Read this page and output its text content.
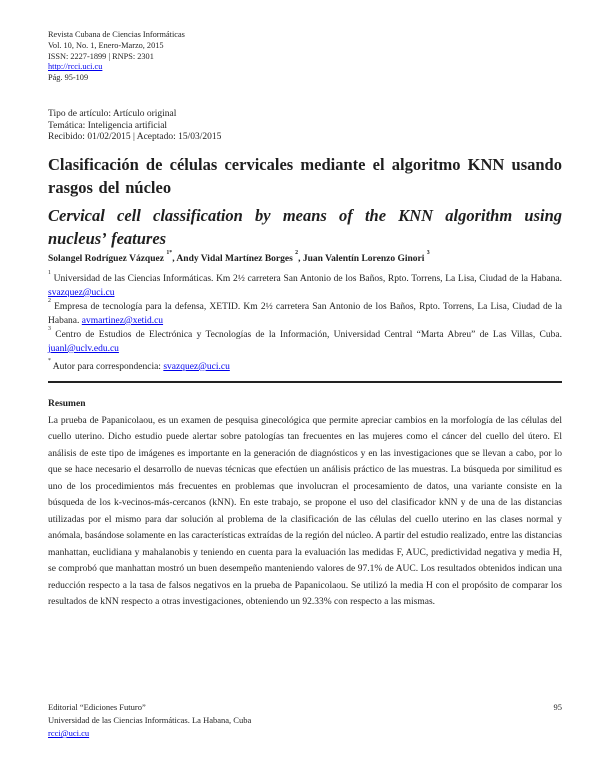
Revista Cubana de Ciencias Informáticas
Vol. 10, No. 1, Enero-Marzo, 2015
ISSN: 2227-1899 | RNPS: 2301
http://rcci.uci.cu
Pág. 95-109
Tipo de artículo: Artículo original
Temática: Inteligencia artificial
Recibido: 01/02/2015 | Aceptado: 15/03/2015
Clasificación de células cervicales mediante el algoritmo KNN usando rasgos del núcleo
Cervical cell classification by means of the KNN algorithm using nucleus’ features

Solangel Rodríguez Vázquez $^{1*}$, Andy Vidal Martínez Borges $^2$, Juan Valentín Lorenzo Ginori $^3$

$^1$ Universidad de las Ciencias Informáticas. Km 2½ carretera San Antonio de los Baños, Rpto. Torrens, La Lisa, Ciudad de la Habana. svazquez@uci.cu
$^2$ Empresa de tecnología para la defensa, XETID. Km 2½ carretera San Antonio de los Baños, Rpto. Torrens, La Lisa, Ciudad de la Habana. avmartinez@xetid.cu
$^3$ Centro de Estudios de Electrónica y Tecnologías de la Información, Universidad Central “Marta Abreu” de Las Villas, Cuba. juanl@uclv.edu.cu

* Autor para correspondencia: svazquez@uci.cu

Resumen

La prueba de Papanicolaou, es un examen de pesquisa ginecológica que permite apreciar cambios en la morfología de las células del cuello uterino. Dicho estudio puede alertar sobre patologías tan frecuentes en las mujeres como el cáncer del cuello del útero. El análisis de este tipo de imágenes es importante en la generación de diagnósticos y en las investigaciones que se llevan a cabo, por lo que se hace necesario el desarrollo de nuevas técnicas que efectúen un análisis práctico de las muestras. La búsqueda por similitud es uno de los procedimientos más frecuentes en problemas que involucran el procesamiento de datos, una variante consiste en la búsqueda de los k-vecinos-más-cercanos (kNN). En este trabajo, se propone el uso del clasificador kNN y de una de las distancias utilizadas por el mismo para dar solución al problema de la clasificación de las células del cuello uterino en las clases normal y anómala, basándose solamente en las características extraídas de la región del núcleo. A partir del estudio realizado, entre las distancias manhattan, euclidiana y mahalanobis y teniendo en cuenta para la evaluación las medidas F, AUC, predictividad negativa y media H, se comprobó que manhattan mostró un buen desempeño manteniendo valores de 97.1% de AUC. Los resultados obtenidos indican una reducción respecto a la tasa de falsos negativos en la prueba de Papanicolaou. Se utilizó la media H con el propósito de comparar los resultados de kNN respecto a otras investigaciones, obteniendo un 92.33% con respecto a las mismas.

Editorial “Ediciones Futuro”	95
Universidad de las Ciencias Informáticas. La Habana, Cuba
rcci@uci.cu
